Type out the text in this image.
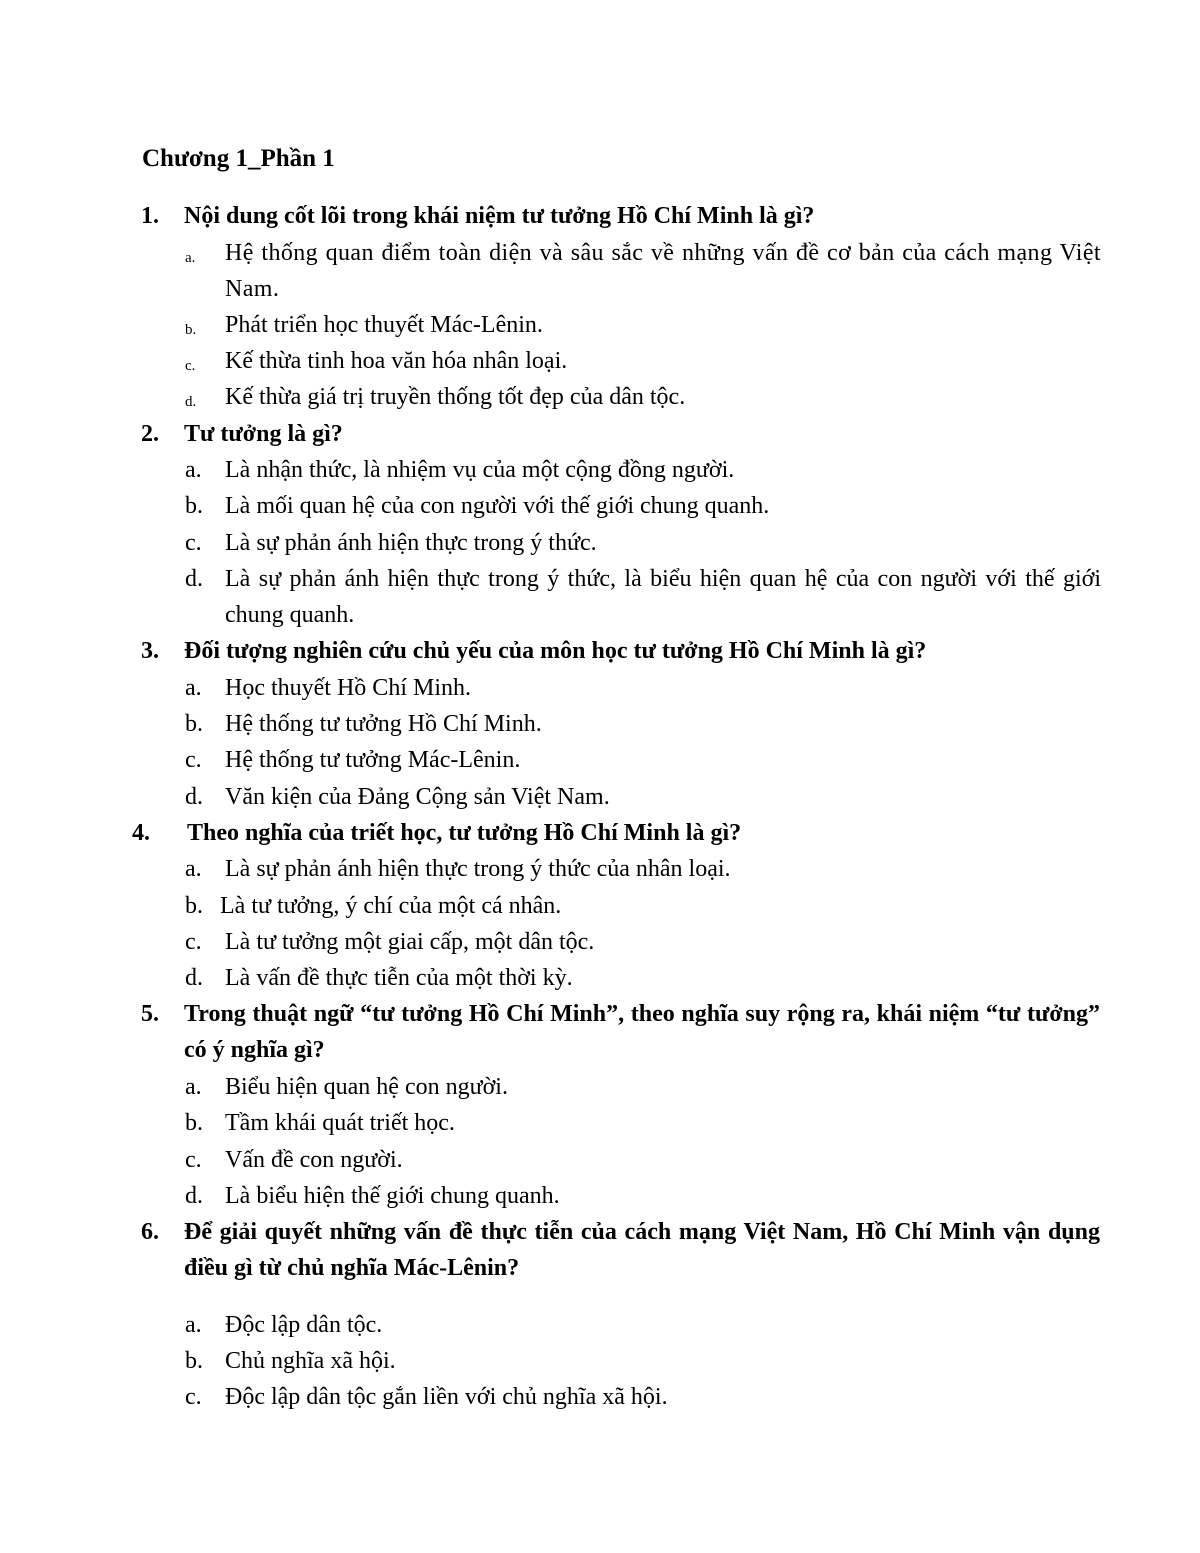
Chương 1_Phần 1
1. Nội dung cốt lõi trong khái niệm tư tưởng Hồ Chí Minh là gì?
a. Hệ thống quan điểm toàn diện và sâu sắc về những vấn đề cơ bản của cách mạng Việt Nam.
b. Phát triển học thuyết Mác-Lênin.
c. Kế thừa tinh hoa văn hóa nhân loại.
d. Kế thừa giá trị truyền thống tốt đẹp của dân tộc.
2. Tư tưởng là gì?
a. Là nhận thức, là nhiệm vụ của một cộng đồng người.
b. Là mối quan hệ của con người với thế giới chung quanh.
c. Là sự phản ánh hiện thực trong ý thức.
d. Là sự phản ánh hiện thực trong ý thức, là biểu hiện quan hệ của con người với thế giới chung quanh.
3. Đối tượng nghiên cứu chủ yếu của môn học tư tưởng Hồ Chí Minh là gì?
a. Học thuyết Hồ Chí Minh.
b. Hệ thống tư tưởng Hồ Chí Minh.
c. Hệ thống tư tưởng Mác-Lênin.
d. Văn kiện của Đảng Cộng sản Việt Nam.
4. Theo nghĩa của triết học, tư tưởng Hồ Chí Minh là gì?
a. Là sự phản ánh hiện thực trong ý thức của nhân loại.
b. Là tư tưởng, ý chí của một cá nhân.
c. Là tư tưởng một giai cấp, một dân tộc.
d. Là vấn đề thực tiễn của một thời kỳ.
5. Trong thuật ngữ “tư tưởng Hồ Chí Minh”, theo nghĩa suy rộng ra, khái niệm “tư tưởng” có ý nghĩa gì?
a. Biểu hiện quan hệ con người.
b. Tầm khái quát triết học.
c. Vấn đề con người.
d. Là biểu hiện thế giới chung quanh.
6. Để giải quyết những vấn đề thực tiễn của cách mạng Việt Nam, Hồ Chí Minh vận dụng điều gì từ chủ nghĩa Mác-Lênin?
a. Độc lập dân tộc.
b. Chủ nghĩa xã hội.
c. Độc lập dân tộc gắn liền với chủ nghĩa xã hội.
